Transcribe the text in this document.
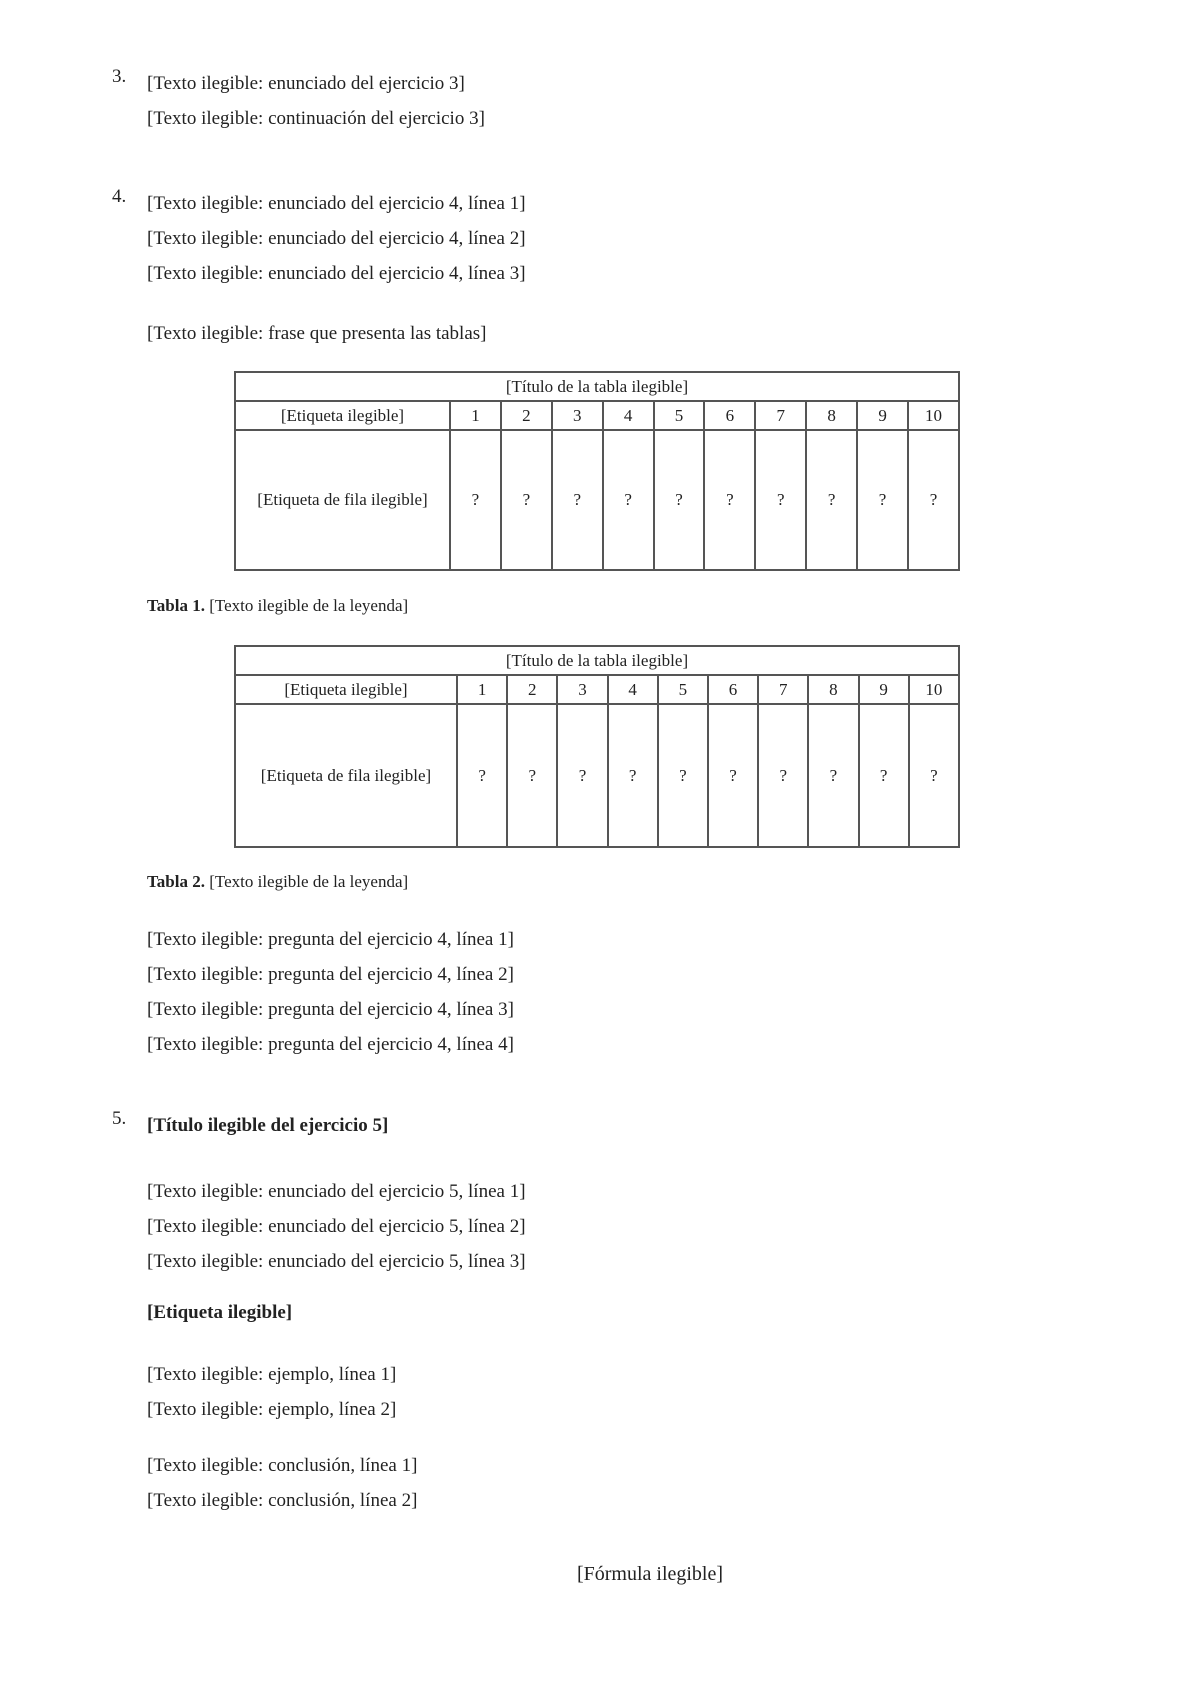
3.	[Texto ilegible: enunciado del ejercicio 3]

[Texto ilegible: continuación del ejercicio 3]

4.	[Texto ilegible: enunciado del ejercicio 4, línea 1]

[Texto ilegible: enunciado del ejercicio 4, línea 2]

[Texto ilegible: enunciado del ejercicio 4, línea 3]

[Texto ilegible: frase que presenta las tablas]

[Título de la tabla ilegible]										
[Etiqueta ilegible]	1	2	3	4	5	6	7	8	9	10
[Etiqueta de fila ilegible]	?	?	?	?	?	?	?	?	?	?
Tabla 1. [Texto ilegible de la leyenda]
[Título de la tabla ilegible]										
[Etiqueta ilegible]	1	2	3	4	5	6	7	8	9	10
[Etiqueta de fila ilegible]	?	?	?	?	?	?	?	?	?	?
Tabla 2. [Texto ilegible de la leyenda]

[Texto ilegible: pregunta del ejercicio 4, línea 1]

[Texto ilegible: pregunta del ejercicio 4, línea 2]

[Texto ilegible: pregunta del ejercicio 4, línea 3]

[Texto ilegible: pregunta del ejercicio 4, línea 4]

5.	[Título ilegible del ejercicio 5]

[Texto ilegible: enunciado del ejercicio 5, línea 1]

[Texto ilegible: enunciado del ejercicio 5, línea 2]

[Texto ilegible: enunciado del ejercicio 5, línea 3]

[Etiqueta ilegible]

[Texto ilegible: ejemplo, línea 1]

[Texto ilegible: ejemplo, línea 2]

[Texto ilegible: conclusión, línea 1]

[Texto ilegible: conclusión, línea 2]

[Fórmula ilegible]
